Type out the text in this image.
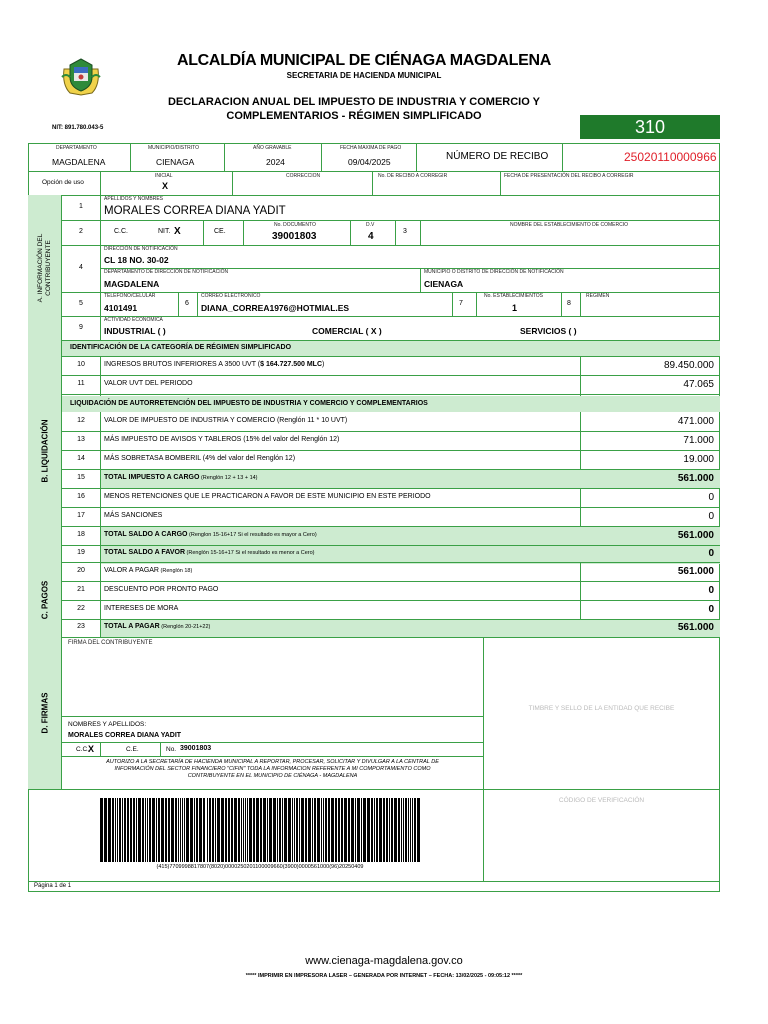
ALCALDÍA MUNICIPAL DE CIÉNAGA MAGDALENA
SECRETARIA DE HACIENDA MUNICIPAL
DECLARACION ANUAL DEL IMPUESTO DE INDUSTRIA Y COMERCIO Y
COMPLEMENTARIOS - RÉGIMEN SIMPLIFICADO
NIT: 891.780.043-5	310
DEPARTAMENTO
MAGDALENA
MUNICIPIO/DISTRITO
CIENAGA
AÑO GRAVABLE
2024
FECHA MAXIMA DE PAGO
09/04/2025	NÚMERO DE RECIBO	25020110000966
Opción de uso
INICIAL
X
CORRECCION	No. DE RECIBO A CORREGIR	FECHA DE PRESENTACIÓN DEL RECIBO A CORREGIR
A. INFORMACIÓN DEL CONTRIBUYENTE
1
APELLIDOS Y NOMBRES
MORALES CORREA DIANA YADIT
2	C.C.	NIT. X	CE.
No. DOCUMENTO
39001803
D.V
4	3
NOMBRE DEL ESTABLECIMIENTO DE COMERCIO
4
DIRECCIÓN DE NOTIFICACIÓN
CL 18 NO. 30-02
DEPARTAMENTO DE DIRECCIÓN DE NOTIFICACIÓN
MAGDALENA
MUNICIPIO O DISTRITO DE DIRECCIÓN DE NOTIFICACIÓN
CIENAGA
5
TELEFONO/CELULAR
4101491	6
CORREO ELECTRONICO
DIANA_CORREA1976@HOTMIAL.ES	7
No. ESTABLECIMIENTOS
1	8
REGIMEN
9
ACTIVIDAD ECONOMICA
INDUSTRIAL ( )	COMERCIAL ( X )	SERVICIOS ( )
B. LIQUIDACIÓN
IDENTIFICACIÓN DE LA CATEGORÍA DE RÉGIMEN SIMPLIFICADO
LIQUIDACIÓN DE AUTORRETENCIÓN DEL IMPUESTO DE INDUSTRIA Y COMERCIO Y COMPLEMENTARIOS
10	INGRESOS BRUTOS INFERIORES A 3500 UVT ($ 164.727.500 MLC)	89.450.000
11	VALOR UVT DEL PERIODO	47.065
12	VALOR DE IMPUESTO DE INDUSTRIA Y COMERCIO (Renglón 11 * 10 UVT)	471.000
13	MÁS IMPUESTO DE AVISOS Y TABLEROS (15% del valor del Renglón 12)	71.000
14	MÁS SOBRETASA BOMBERIL (4% del valor del Renglón 12)	19.000
15	TOTAL IMPUESTO A CARGO (Renglón 12 + 13 + 14)	561.000
16	MENOS RETENCIONES QUE LE PRACTICARON A FAVOR DE ESTE MUNICIPIO EN ESTE PERIODO	0
17	MÁS SANCIONES	0
18	TOTAL SALDO A CARGO (Renglon 15-16+17 Si el resultado es mayor a Cero)	561.000
19	TOTAL SALDO A FAVOR (Renglón 15-16+17 Si el resultado es menor a Cero)	0
C. PAGOS
20	VALOR A PAGAR (Renglón 18)	561.000
21	DESCUENTO POR PRONTO PAGO	0
22	INTERESES DE MORA	0
23	TOTAL A PAGAR (Renglón 20-21+22)	561.000
D. FIRMAS
FIRMA DEL CONTRIBUYENTE
NOMBRES Y APELLIDOS:
MORALES CORREA DIANA YADIT
C.C. X	C.E.	No. 39001803
AUTORIZO A LA SECRETARÍA DE HACIENDA MUNICIPAL A REPORTAR, PROCESAR, SOLICITAR Y DIVULGAR A LA CENTRAL DE
INFORMACIÓN DEL SECTOR FINANCIERO "CIFIN" TODA LA INFORMACION REFERENTE A MI COMPORTAMIENTO COMO
CONTRIBUYENTE EN EL MUNICIPIO DE CIÉNAGA - MAGDALENA
TIMBRE Y SELLO DE LA ENTIDAD QUE RECIBE
(415)7709998817807(8020)0000250201100009660(3900)0000561000(96)20250409
CÓDIGO DE VERIFICACIÓN
Página 1 de 1
www.cienaga-magdalena.gov.co
***** IMPRIMIR EN IMPRESORA LASER – GENERADA POR INTERNET – FECHA: 13/02/2025 - 09:05:12 *****
